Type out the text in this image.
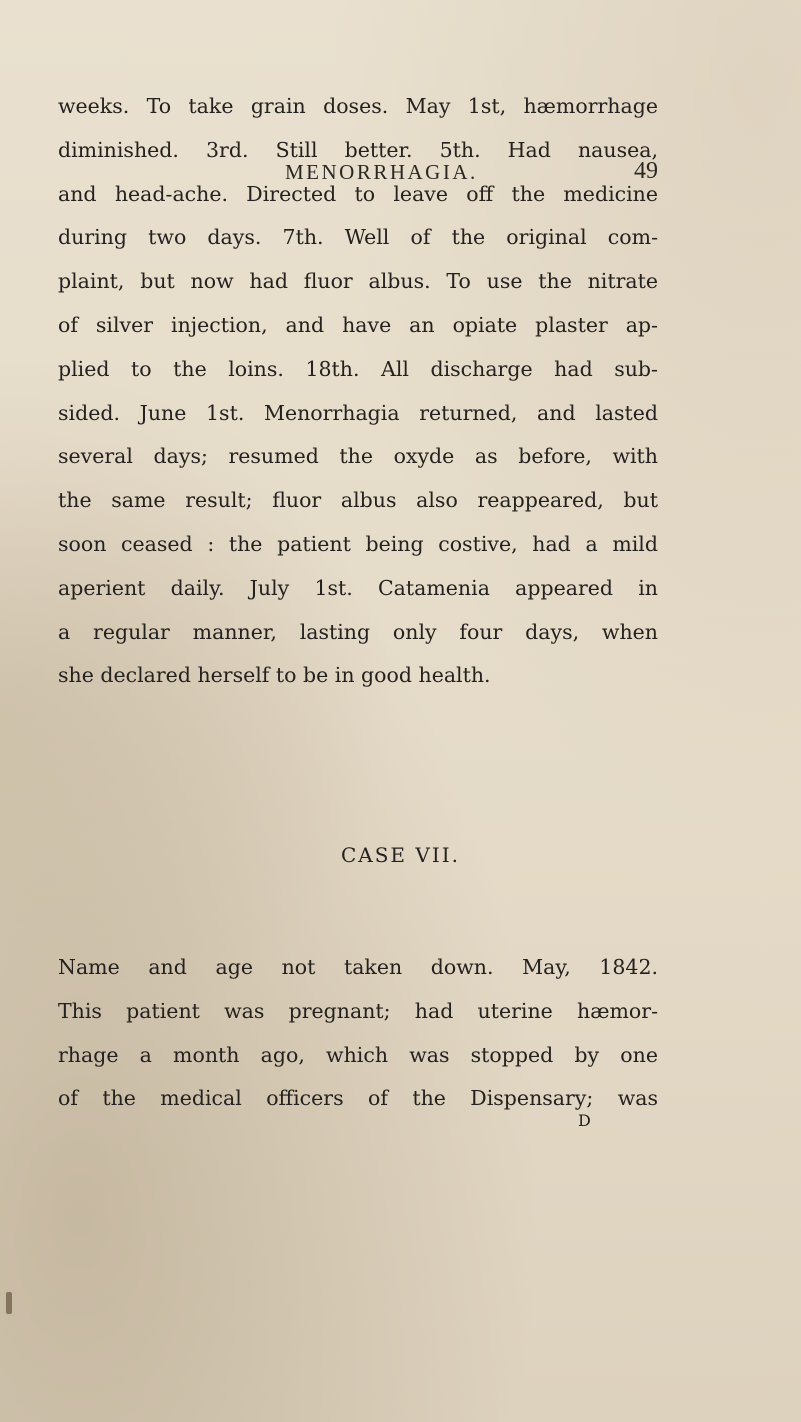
MENORRHAGIA.	49
weeks. To take grain doses. May 1st, hæmorrhage
diminished. 3rd. Still better. 5th. Had nausea,
and head-ache. Directed to leave off the medicine
during two days. 7th. Well of the original com-
plaint, but now had fluor albus. To use the nitrate
of silver injection, and have an opiate plaster ap-
plied to the loins. 18th. All discharge had sub-
sided. June 1st. Menorrhagia returned, and lasted
several days; resumed the oxyde as before, with
the same result; fluor albus also reappeared, but
soon ceased : the patient being costive, had a mild
aperient daily. July 1st. Catamenia appeared in
a regular manner, lasting only four days, when
she declared herself to be in good health.
CASE VII.
Name and age not taken down. May, 1842.
This patient was pregnant; had uterine hæmor-
rhage a month ago, which was stopped by one
of the medical officers of the Dispensary; was
D
